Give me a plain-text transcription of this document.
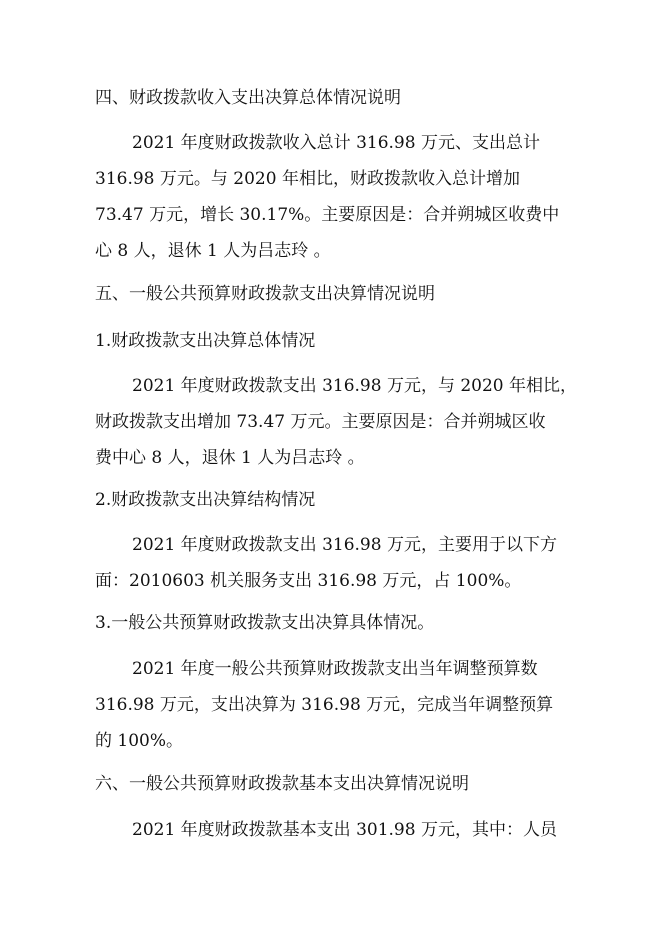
四、财政拨款收入支出决算总体情况说明
2021 年度财政拨款收入总计 316.98 万元、支出总计
316.98 万元。与 2020 年相比，财政拨款收入总计增加
73.47 万元，增长 30.17%。主要原因是：合并朔城区收费中
心 8 人，退休 1 人为吕志玲 。
五、一般公共预算财政拨款支出决算情况说明
1.财政拨款支出决算总体情况
2021 年度财政拨款支出 316.98 万元，与 2020 年相比，
财政拨款支出增加 73.47 万元。主要原因是：合并朔城区收
费中心 8 人，退休 1 人为吕志玲 。
2.财政拨款支出决算结构情况
2021 年度财政拨款支出 316.98 万元，主要用于以下方
面：2010603 机关服务支出 316.98 万元，占 100%。
3.一般公共预算财政拨款支出决算具体情况。
2021 年度一般公共预算财政拨款支出当年调整预算数
316.98 万元，支出决算为 316.98 万元，完成当年调整预算
的 100%。
六、一般公共预算财政拨款基本支出决算情况说明
2021 年度财政拨款基本支出 301.98 万元，其中：人员
